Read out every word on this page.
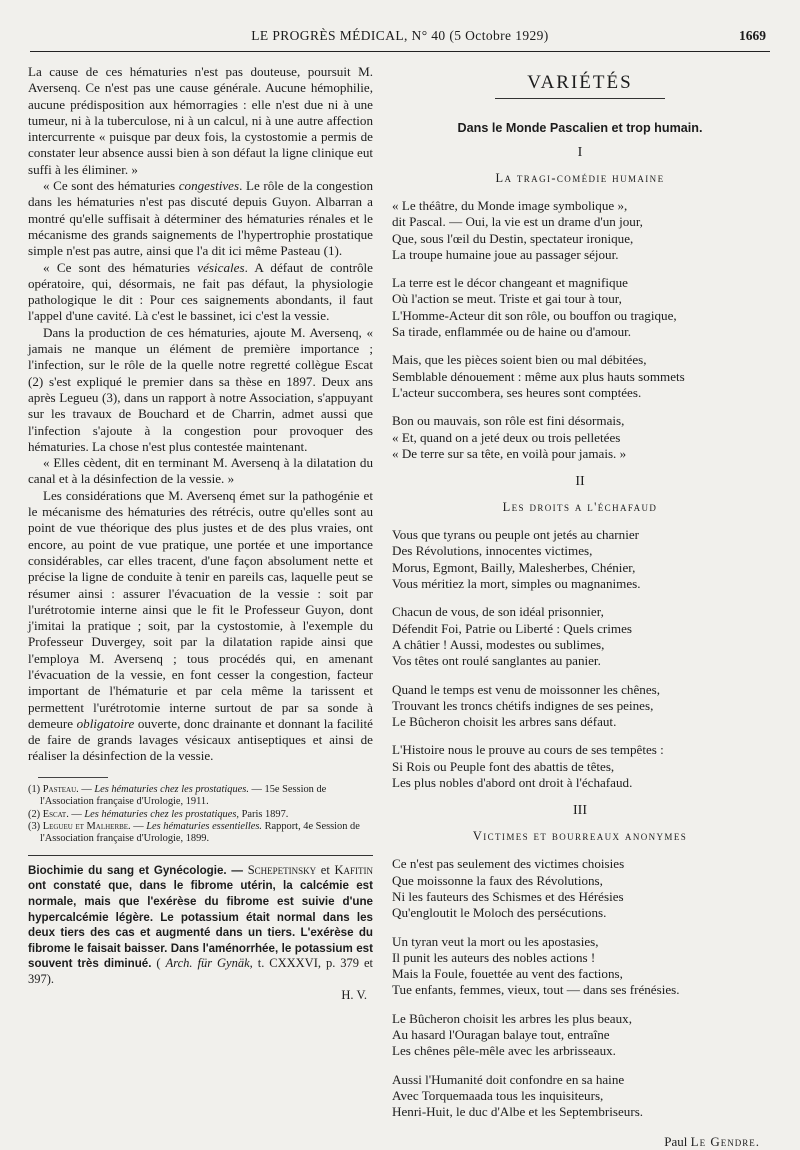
LE PROGRÈS MÉDICAL, N° 40 (5 Octobre 1929)	1669

La cause de ces hématuries n'est pas douteuse, poursuit M. Aversenq. Ce n'est pas une cause générale. Aucune hémophilie, aucune prédisposition aux hémorragies : elle n'est due ni à une tumeur, ni à la tuberculose, ni à un calcul, ni à une autre affection intercurrente « puisque par deux fois, la cystostomie a permis de constater leur absence aussi bien à son défaut la ligne clinique eut suffi à les éliminer. »

« Ce sont des hématuries congestives. Le rôle de la congestion dans les hématuries n'est pas discuté depuis Guyon. Albarran a montré qu'elle suffisait à déterminer des hématuries rénales et le mécanisme des grands saignements de l'hypertrophie prostatique simple n'est pas autre, ainsi que l'a dit ici même Pasteau (1).

« Ce sont des hématuries vésicales. A défaut de contrôle opératoire, qui, désormais, ne fait pas défaut, la physiologie pathologique le dit : Pour ces saignements abondants, il faut l'appel d'une cavité. Là c'est le bassinet, ici c'est la vessie.

Dans la production de ces hématuries, ajoute M. Aversenq, « jamais ne manque un élément de première importance ; l'infection, sur le rôle de la quelle notre regretté collègue Escat (2) s'est expliqué le premier dans sa thèse en 1897. Deux ans après Legueu (3), dans un rapport à notre Association, s'appuyant sur les travaux de Bouchard et de Charrin, admet aussi que l'infection s'ajoute à la congestion pour provoquer des hématuries. La chose n'est plus contestée maintenant.

« Elles cèdent, dit en terminant M. Aversenq à la dilatation du canal et à la désinfection de la vessie. »

Les considérations que M. Aversenq émet sur la pathogénie et le mécanisme des hématuries des rétrécis, outre qu'elles sont au point de vue théorique des plus justes et de des plus vraies, ont encore, au point de vue pratique, une portée et une importance considérables, car elles tracent, d'une façon absolument nette et précise la ligne de conduite à tenir en pareils cas, laquelle peut se résumer ainsi : assurer l'évacuation de la vessie : soit par l'urétrotomie interne ainsi que le fit le Professeur Guyon, dont j'imitai la pratique ; soit, par la cystostomie, à l'exemple du Professeur Duvergey, soit par la dilatation rapide ainsi que l'employa M. Aversenq ; tous procédés qui, en amenant l'évacuation de la vessie, en font cesser la congestion, facteur important de l'hématurie et par cela même la tarissent et permettent l'urétrotomie interne surtout de par sa sonde à demeure obligatoire ouverte, donc drainante et donnant la facilité de faire de grands lavages vésicaux antiseptiques et ainsi de réaliser la désinfection de la vessie.

(1) Pasteau. — Les hématuries chez les prostatiques. — 15e Session de l'Association française d'Urologie, 1911.

(2) Escat. — Les hématuries chez les prostatiques, Paris 1897.

(3) Legueu et Malherbe. — Les hématuries essentielles. Rapport, 4e Session de l'Association française d'Urologie, 1899.

Biochimie du sang et Gynécologie. — Schepetinsky et Kafitin ont constaté que, dans le fibrome utérin, la calcémie est normale, mais que l'exérèse du fibrome est suivie d'une hypercalcémie légère. Le potassium était normal dans les deux tiers des cas et augmenté dans un tiers. L'exérèse du fibrome le faisait baisser. Dans l'aménorrhée, le potassium est souvent très diminué. ( Arch. für Gynäk, t. CXXXVI, p. 379 et 397).

H. V.

VARIÉTÉS
Dans le Monde Pascalien et trop humain.
I
La tragi-comédie humaine

« Le théâtre, du Monde image symbolique »,

dit Pascal. — Oui, la vie est un drame d'un jour,

Que, sous l'œil du Destin, spectateur ironique,

La troupe humaine joue au passager séjour.

La terre est le décor changeant et magnifique

Où l'action se meut. Triste et gai tour à tour,

L'Homme-Acteur dit son rôle, ou bouffon ou tragique,

Sa tirade, enflammée ou de haine ou d'amour.

Mais, que les pièces soient bien ou mal débitées,

Semblable dénouement : même aux plus hauts sommets

L'acteur succombera, ses heures sont comptées.

Bon ou mauvais, son rôle est fini désormais,

« Et, quand on a jeté deux ou trois pelletées

« De terre sur sa tête, en voilà pour jamais. »

II
Les droits a l'échafaud

Vous que tyrans ou peuple ont jetés au charnier

Des Révolutions, innocentes victimes,

Morus, Egmont, Bailly, Malesherbes, Chénier,

Vous méritiez la mort, simples ou magnanimes.

Chacun de vous, de son idéal prisonnier,

Défendit Foi, Patrie ou Liberté : Quels crimes

A châtier ! Aussi, modestes ou sublimes,

Vos têtes ont roulé sanglantes au panier.

Quand le temps est venu de moissonner les chênes,

Trouvant les troncs chétifs indignes de ses peines,

Le Bûcheron choisit les arbres sans défaut.

L'Histoire nous le prouve au cours de ses tempêtes :

Si Rois ou Peuple font des abattis de têtes,

Les plus nobles d'abord ont droit à l'échafaud.

III
Victimes et bourreaux anonymes

Ce n'est pas seulement des victimes choisies

Que moissonne la faux des Révolutions,

Ni les fauteurs des Schismes et des Hérésies

Qu'engloutit le Moloch des persécutions.

Un tyran veut la mort ou les apostasies,

Il punit les auteurs des nobles actions !

Mais la Foule, fouettée au vent des factions,

Tue enfants, femmes, vieux, tout — dans ses frénésies.

Le Bûcheron choisit les arbres les plus beaux,

Au hasard l'Ouragan balaye tout, entraîne

Les chênes pêle-mêle avec les arbrisseaux.

Aussi l'Humanité doit confondre en sa haine

Avec Torquemaada tous les inquisiteurs,

Henri-Huit, le duc d'Albe et les Septembriseurs.

Paul Le Gendre.
